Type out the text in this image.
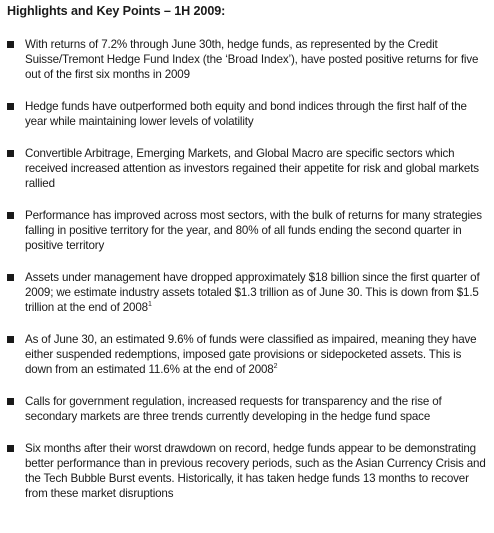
Highlights and Key Points – 1H 2009:
With returns of 7.2% through June 30th, hedge funds, as represented by the Credit Suisse/Tremont Hedge Fund Index (the ‘Broad Index’), have posted positive returns for five out of the first six months in 2009
Hedge funds have outperformed both equity and bond indices through the first half of the year while maintaining lower levels of volatility
Convertible Arbitrage, Emerging Markets, and Global Macro are specific sectors which received increased attention as investors regained their appetite for risk and global markets rallied
Performance has improved across most sectors, with the bulk of returns for many strategies falling in positive territory for the year, and 80% of all funds ending the second quarter in positive territory
Assets under management have dropped approximately $18 billion since the first quarter of 2009; we estimate industry assets totaled $1.3 trillion as of June 30. This is down from $1.5 trillion at the end of 2008$^1$
As of June 30, an estimated 9.6% of funds were classified as impaired, meaning they have either suspended redemptions, imposed gate provisions or sidepocketed assets. This is down from an estimated 11.6% at the end of 2008$^2$
Calls for government regulation, increased requests for transparency and the rise of secondary markets are three trends currently developing in the hedge fund space
Six months after their worst drawdown on record, hedge funds appear to be demonstrating better performance than in previous recovery periods, such as the Asian Currency Crisis and the Tech Bubble Burst events. Historically, it has taken hedge funds 13 months to recover from these market disruptions
